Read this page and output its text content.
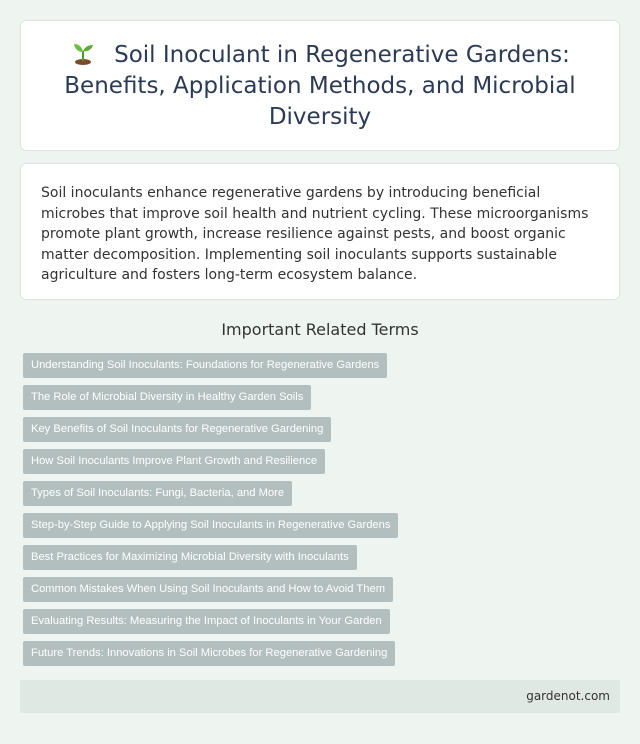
Soil Inoculant in Regenerative Gardens: Benefits, Application Methods, and Microbial Diversity

Soil inoculants enhance regenerative gardens by introducing beneficial microbes that improve soil health and nutrient cycling. These microorganisms promote plant growth, increase resilience against pests, and boost organic matter decomposition. Implementing soil inoculants supports sustainable agriculture and fosters long-term ecosystem balance.

Important Related Terms
Understanding Soil Inoculants: Foundations for Regenerative Gardens
The Role of Microbial Diversity in Healthy Garden Soils
Key Benefits of Soil Inoculants for Regenerative Gardening
How Soil Inoculants Improve Plant Growth and Resilience
Types of Soil Inoculants: Fungi, Bacteria, and More
Step-by-Step Guide to Applying Soil Inoculants in Regenerative Gardens
Best Practices for Maximizing Microbial Diversity with Inoculants
Common Mistakes When Using Soil Inoculants and How to Avoid Them
Evaluating Results: Measuring the Impact of Inoculants in Your Garden
Future Trends: Innovations in Soil Microbes for Regenerative Gardening
gardenot.com
